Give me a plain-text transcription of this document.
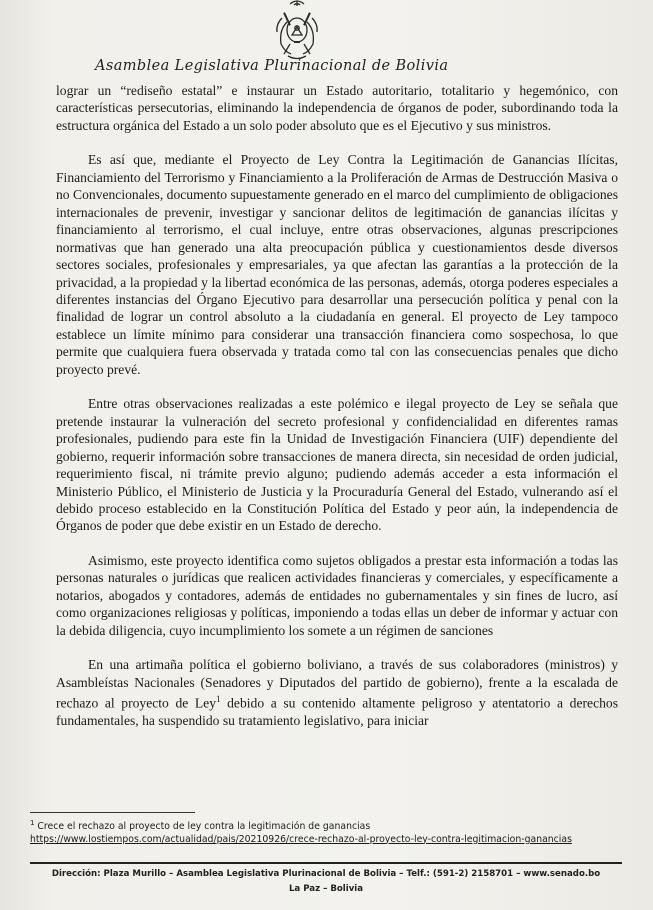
Asamblea Legislativa Plurinacional de Bolivia

lograr un “rediseño estatal” e instaurar un Estado autoritario, totalitario y hegemónico, con características persecutorias, eliminando la independencia de órganos de poder, subordinando toda la estructura orgánica del Estado a un solo poder absoluto que es el Ejecutivo y sus ministros.

Es así que, mediante el Proyecto de Ley Contra la Legitimación de Ganancias Ilícitas, Financiamiento del Terrorismo y Financiamiento a la Proliferación de Armas de Destrucción Masiva o no Convencionales, documento supuestamente generado en el marco del cumplimiento de obligaciones internacionales de prevenir, investigar y sancionar delitos de legitimación de ganancias ilícitas y financiamiento al terrorismo, el cual incluye, entre otras observaciones, algunas prescripciones normativas que han generado una alta preocupación pública y cuestionamientos desde diversos sectores sociales, profesionales y empresariales, ya que afectan las garantías a la protección de la privacidad, a la propiedad y la libertad económica de las personas, además, otorga poderes especiales a diferentes instancias del Órgano Ejecutivo para desarrollar una persecución política y penal con la finalidad de lograr un control absoluto a la ciudadanía en general. El proyecto de Ley tampoco establece un límite mínimo para considerar una transacción financiera como sospechosa, lo que permite que cualquiera fuera observada y tratada como tal con las consecuencias penales que dicho proyecto prevé.

Entre otras observaciones realizadas a este polémico e ilegal proyecto de Ley se señala que pretende instaurar la vulneración del secreto profesional y confidencialidad en diferentes ramas profesionales, pudiendo para este fin la Unidad de Investigación Financiera (UIF) dependiente del gobierno, requerir información sobre transacciones de manera directa, sin necesidad de orden judicial, requerimiento fiscal, ni trámite previo alguno; pudiendo además acceder a esta información el Ministerio Público, el Ministerio de Justicia y la Procuraduría General del Estado, vulnerando así el debido proceso establecido en la Constitución Política del Estado y peor aún, la independencia de Órganos de poder que debe existir en un Estado de derecho.

Asimismo, este proyecto identifica como sujetos obligados a prestar esta información a todas las personas naturales o jurídicas que realicen actividades financieras y comerciales, y específicamente a notarios, abogados y contadores, además de entidades no gubernamentales y sin fines de lucro, así como organizaciones religiosas y políticas, imponiendo a todas ellas un deber de informar y actuar con la debida diligencia, cuyo incumplimiento los somete a un régimen de sanciones

En una artimaña política el gobierno boliviano, a través de sus colaboradores (ministros) y Asambleístas Nacionales (Senadores y Diputados del partido de gobierno), frente a la escalada de rechazo al proyecto de Ley$^1$ debido a su contenido altamente peligroso y atentatorio a derechos fundamentales, ha suspendido su tratamiento legislativo, para iniciar

$^1$ Crece el rechazo al proyecto de ley contra la legitimación de ganancias
https://www.lostiempos.com/actualidad/pais/20210926/crece-rechazo-al-proyecto-ley-contra-legitimacion-ganancias
Dirección: Plaza Murillo – Asamblea Legislativa Plurinacional de Bolivia – Telf.: (591-2) 2158701 – www.senado.bo
La Paz – Bolivia
